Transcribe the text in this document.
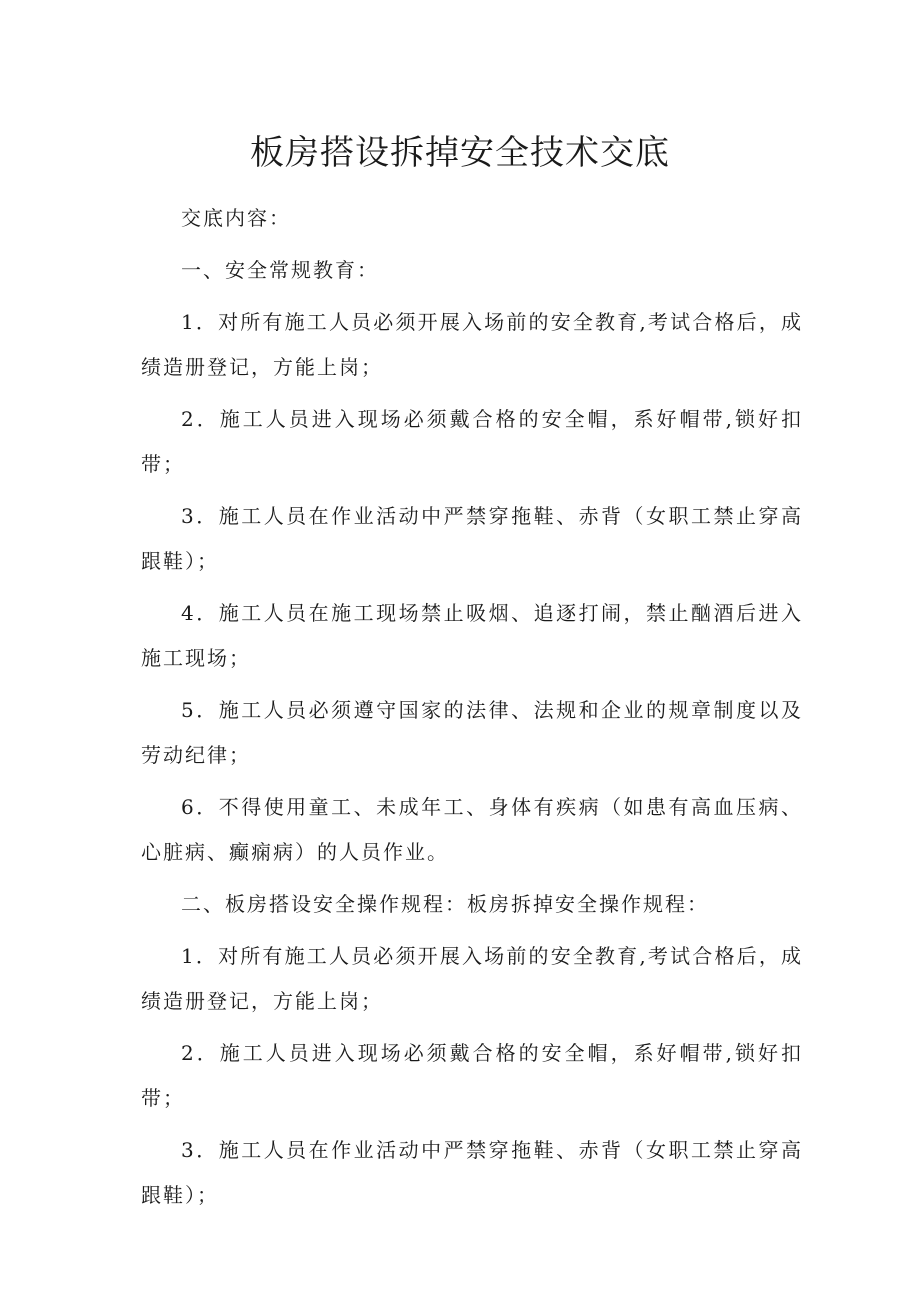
板房搭设拆掉安全技术交底

交底内容：

一、安全常规教育：

1．对所有施工人员必须开展入场前的安全教育,考试合格后，成绩造册登记，方能上岗；

2．施工人员进入现场必须戴合格的安全帽，系好帽带,锁好扣带；

3．施工人员在作业活动中严禁穿拖鞋、赤背（女职工禁止穿高跟鞋）；

4．施工人员在施工现场禁止吸烟、追逐打闹，禁止酗酒后进入施工现场；

5．施工人员必须遵守国家的法律、法规和企业的规章制度以及劳动纪律；

6．不得使用童工、未成年工、身体有疾病（如患有高血压病、心脏病、癫痫病）的人员作业。

二、板房搭设安全操作规程：板房拆掉安全操作规程：

1．对所有施工人员必须开展入场前的安全教育,考试合格后，成绩造册登记，方能上岗；

2．施工人员进入现场必须戴合格的安全帽，系好帽带,锁好扣带；

3．施工人员在作业活动中严禁穿拖鞋、赤背（女职工禁止穿高跟鞋）；
